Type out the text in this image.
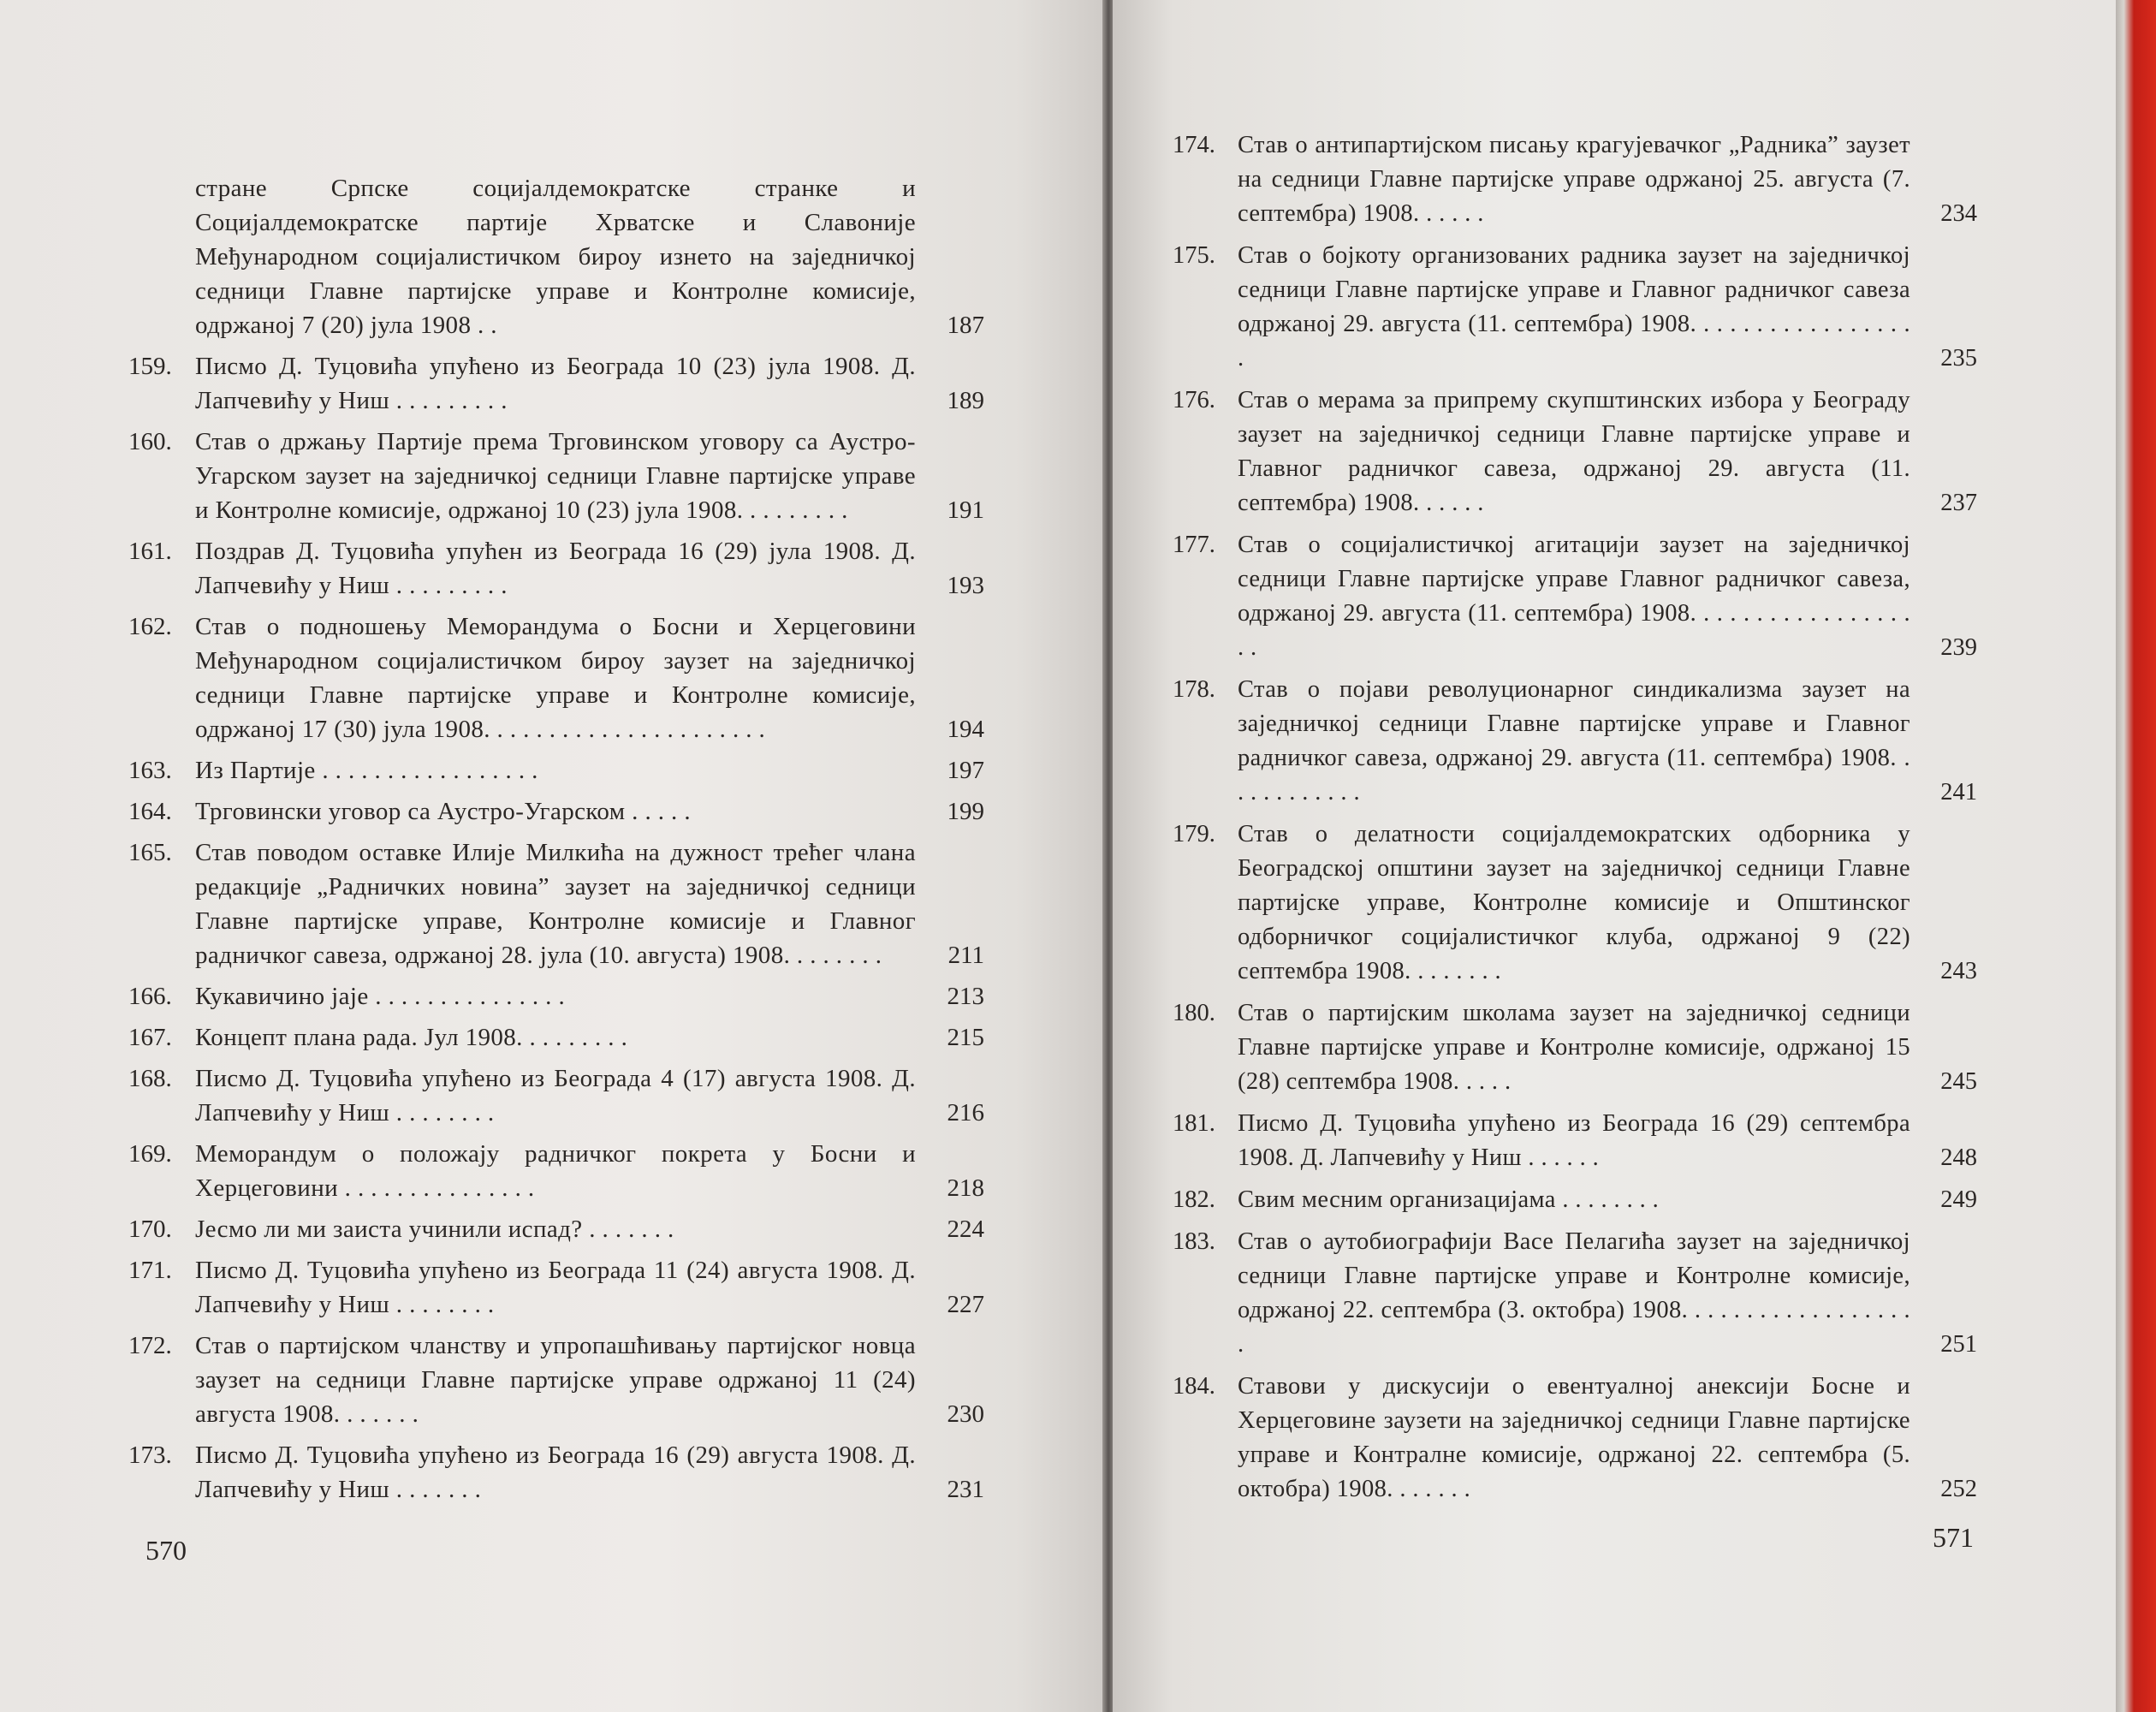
стране Српске социјалдемократске странке и Социјалдемократске партије Хрватске и Славоније Међународном социјалистичком бироу изнето на заједничкој седници Главне партијске управе и Контролне комисије, одржаној 7 (20) јула 1908 . .	187
159. Писмо Д. Туцовића упућено из Београда 10 (23) јула 1908. Д. Лапчевићу у Ниш . . . . . . . . .	189
160. Став о држању Партије према Трговинском уговору са Аустро-Угарском заузет на заједничкој седници Главне партијске управе и Контролне комисије, одржаној 10 (23) јула 1908. . . . . . . . .	191
161. Поздрав Д. Туцовића упућен из Београда 16 (29) јула 1908. Д. Лапчевићу у Ниш . . . . . . . . .	193
162. Став о подношењу Меморандума о Босни и Херцеговини Међународном социјалистичком бироу заузет на заједничкој седници Главне партијске управе и Контролне комисије, одржаној 17 (30) јула 1908. . . . . . . . . . . . . . . . . . . . . .	194
163. Из Партије . . . . . . . . . . . . . . . . .	197
164. Трговински уговор са Аустро-Угарском . . . . .	199
165. Став поводом оставке Илије Милкића на дужност трећег члана редакције „Радничких новина” заузет на заједничкој седници Главне партијске управе, Контролне комисије и Главног радничког савеза, одржаној 28. јула (10. августа) 1908. . . . . . . .	211
166. Кукавичино јаје . . . . . . . . . . . . . . .	213
167. Концепт плана рада. Јул 1908. . . . . . . . .	215
168. Писмо Д. Туцовића упућено из Београда 4 (17) августа 1908. Д. Лапчевићу у Ниш . . . . . . . .	216
169. Меморандум о положају радничког покрета у Босни и Херцеговини . . . . . . . . . . . . . . .	218
170. Јесмо ли ми заиста учинили испад? . . . . . . .	224
171. Писмо Д. Туцовића упућено из Београда 11 (24) августа 1908. Д. Лапчевићу у Ниш . . . . . . . .	227
172. Став о партијском чланству и упропашћивању партијског новца заузет на седници Главне партијске управе одржаној 11 (24) августа 1908. . . . . . .	230
173. Писмо Д. Туцовића упућено из Београда 16 (29) августа 1908. Д. Лапчевићу у Ниш . . . . . . .	231
570
174. Став о антипартијском писању крагујевачког „Радника” заузет на седници Главне партијске управе одржаној 25. августа (7. септембра) 1908. . . . . .	234
175. Став о бојкоту организованих радника заузет на заједничкој седници Главне партијске управе и Главног радничког савеза одржаној 29. августа (11. септембра) 1908. . . . . . . . . . . . . . . . . .	235
176. Став о мерама за припрему скупштинских избора у Београду заузет на заједничкој седници Главне партијске управе и Главног радничког савеза, одржаној 29. августа (11. септембра) 1908. . . . . .	237
177. Став о социјалистичкој агитацији заузет на заједничкој седници Главне партијске управе Главног радничког савеза, одржаној 29. августа (11. септембра) 1908. . . . . . . . . . . . . . . . . . .	239
178. Став о појави револуционарног синдикализма заузет на заједничкој седници Главне партијске управе и Главног радничког савеза, одржаној 29. августа (11. септембра) 1908. . . . . . . . . . . .	241
179. Став о делатности социјалдемократских одборника у Београдској општини заузет на заједничкој седници Главне партијске управе, Контролне комисије и Општинског одборничког социјалистичког клуба, одржаној 9 (22) септембра 1908. . . . . . . .	243
180. Став о партијским школама заузет на заједничкој седници Главне партијске управе и Контролне комисије, одржаној 15 (28) септембра 1908. . . . .	245
181. Писмо Д. Туцовића упућено из Београда 16 (29) септембра 1908. Д. Лапчевићу у Ниш . . . . . .	248
182. Свим месним организацијама . . . . . . . .	249
183. Став о аутобиографији Васе Пелагића заузет на заједничкој седници Главне партијске управе и Контролне комисије, одржаној 22. септембра (3. октобра) 1908. . . . . . . . . . . . . . . . . . .	251
184. Ставови у дискусији о евентуалној анексији Босне и Херцеговине заузети на заједничкој седници Главне партијске управе и Контралне комисије, одржаној 22. септембра (5. октобра) 1908. . . . . . .	252
571
